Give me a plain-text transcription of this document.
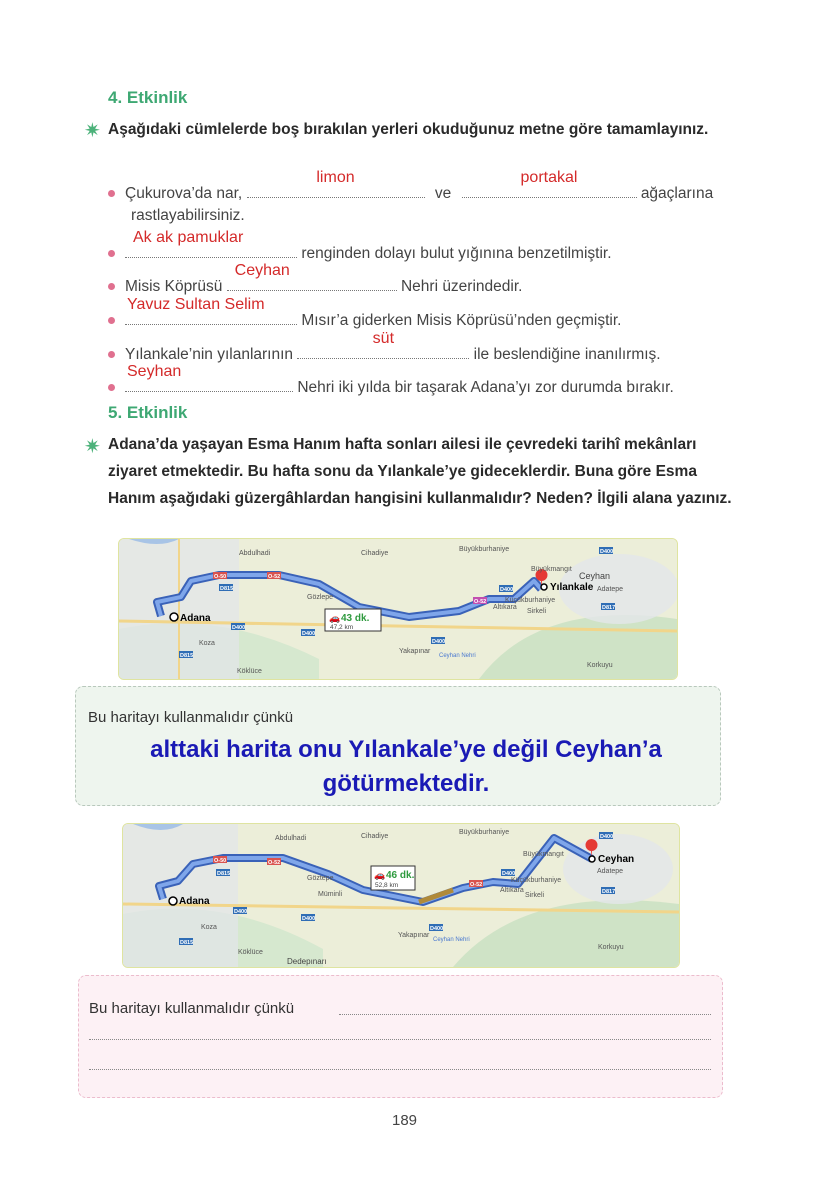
4. Etkinlik
✷ Aşağıdaki cümlelerde boş bırakılan yerleri okuduğunuz metne göre tamamlayınız.
Çukurova’da nar,
limon
ve
portakal
ağaçlarına
rastlayabilirsiniz.
Ak ak pamuklar
renginden dolayı bulut yığınına benzetilmiştir.
Misis Köprüsü
Ceyhan
Nehri üzerindedir.
Yavuz Sultan Selim
Mısır’a giderken Misis Köprüsü’nden geçmiştir.
Yılankale’nin yılanlarının
süt
ile beslendiğine inanılırmış.
Seyhan
Nehri iki yılda bir taşarak Adana’yı zor durumda bırakır.
5. Etkinlik
✷ Adana’da yaşayan Esma Hanım hafta sonları ailesi ile çevredeki tarihî mekânları ziyaret etmektedir. Bu hafta sonu da Yılankale’ye gideceklerdir. Buna göre Esma Hanım aşağıdaki güzergâhlardan hangisini kullanmalıdır? Neden? İlgili alana yazınız.
Adana
Yılankale
Abdulhadi	Cihadiye
Büyükburhaniye
Büyükmangıt
Ceyhan
Adatepe
Gözlepe	Küçükburhaniye
Altıkara
Sirkeli
Koza
Yakapınar
Ceyhan Nehri
Köklüce
Korkuyu
O-50	O-52
D815
D400
D400
D400
O-52
D400
D400
D817
D815
🚗 43 dk.
47,2 km
Bu haritayı kullanmalıdır çünkü
alttaki harita onu Yılankale’ye değil Ceyhan’a götürmektedir.
Adana
Ceyhan
Abdulhadi	Cihadiye
Büyükburhaniye
Büyükmangıt
Adatepe
Göztepe
Müminli
Küçükburhaniye
Altıkara
Sirkeli
Koza
Yakapınar
Ceyhan Nehri
Köklüce
Dedepınarı
Korkuyu
O-50	O-52
D815
D400
D400
D400
O-52
D400
D400
D817
D815
🚗 46 dk.
52,8 km
Bu haritayı kullanmalıdır çünkü
189
